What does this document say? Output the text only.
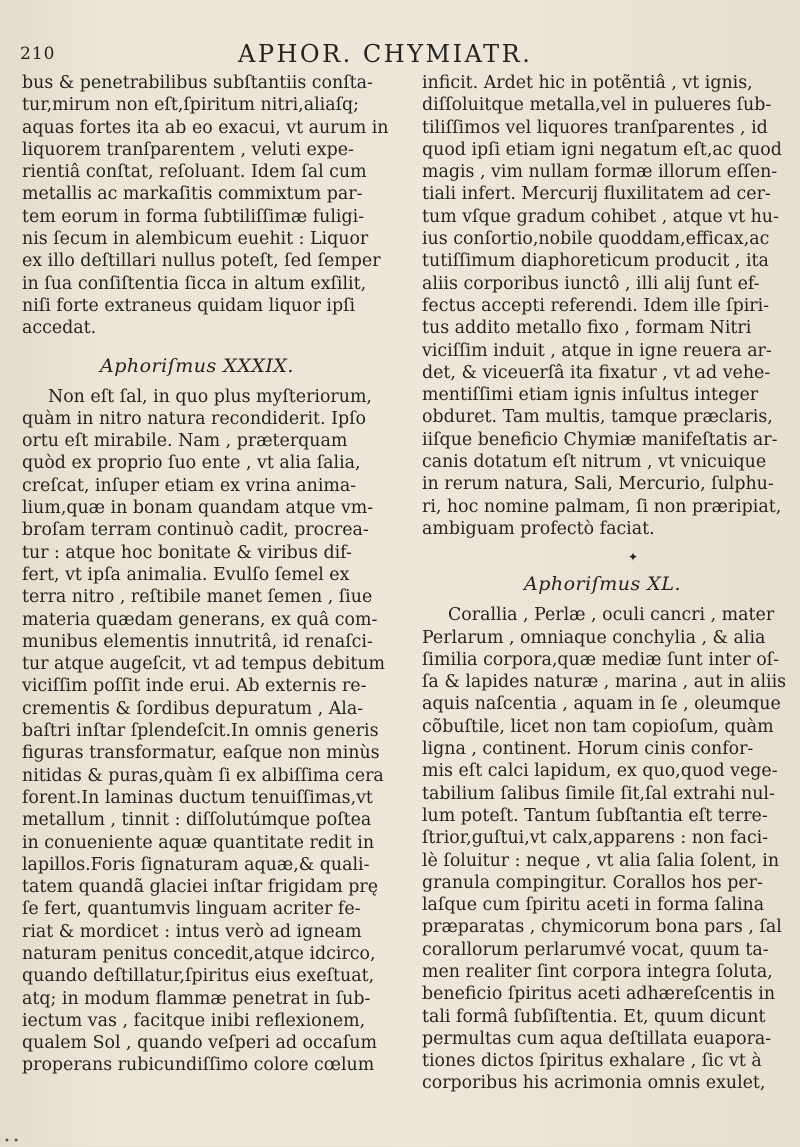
210	APHOR. CHYMIATR.
bus & penetrabilibus subſtantiis conſta-
tur,mirum non eſt,ſpiritum nitri,aliaſq;
aquas fortes ita ab eo exacui, vt aurum in
liquorem tranſparentem , veluti expe-
rientiâ conſtat, reſoluant. Idem ſal cum
metallis ac markaſitis commixtum par-
tem eorum in forma ſubtiliſſimæ fuligi-
nis ſecum in alembicum euehit : Liquor
ex illo deſtillari nullus poteſt, ſed ſemper
in ſua conſiſtentia ſicca in altum exſilit,
niſi forte extraneus quidam liquor ipſi
accedat.
Aphoriſmus XXXIX.
Non eſt ſal, in quo plus myſteriorum,
quàm in nitro natura recondiderit. Ipſo
ortu eſt mirabile. Nam , præterquam
quòd ex proprio ſuo ente , vt alia ſalia,
creſcat, inſuper etiam ex vrina anima-
lium,quæ in bonam quandam atque vm-
broſam terram continuò cadit, procrea-
tur : atque hoc bonitate & viribus dif-
fert, vt ipſa animalia. Evulſo ſemel ex
terra nitro , reſtibile manet ſemen , ſiue
materia quædam generans, ex quâ com-
munibus elementis innutritâ, id renaſci-
tur atque augeſcit, vt ad tempus debitum
viciſſim poſſit inde erui. Ab externis re-
crementis & ſordibus depuratum , Ala-
baſtri inſtar ſplendeſcit.In omnis generis
figuras transformatur, eaſque non minùs
nitidas & puras,quàm ſi ex albiſſima cera
forent.In laminas ductum tenuiſſimas,vt
metallum , tinnit : diſſolutúmque poſtea
in conueniente aquæ quantitate redit in
lapillos.Foris ſignaturam aquæ,& quali-
tatem quandã glaciei inſtar frigidam prę
ſe fert, quantumvis linguam acriter fe-
riat & mordicet : intus verò ad igneam
naturam penitus concedit,atque idcirco,
quando deſtillatur,ſpiritus eius exeſtuat,
atq; in modum flammæ penetrat in ſub-
iectum vas , facitque inibi reflexionem,
qualem Sol , quando veſperi ad occaſum
properans rubicundiſſimo colore cœlum
inficit. Ardet hic in potẽntiâ , vt ignis,
diſſoluitque metalla,vel in pulueres ſub-
tiliſſimos vel liquores tranſparentes , id
quod ipſi etiam igni negatum eſt,ac quod
magis , vim nullam formæ illorum eſſen-
tiali infert. Mercurij fluxilitatem ad cer-
tum vſque gradum cohibet , atque vt hu-
ius conſortio,nobile quoddam,efficax,ac
tutiſſimum diaphoreticum producit , ita
aliis corporibus iunctô , illi alij ſunt ef-
fectus accepti referendi. Idem ille ſpiri-
tus addito metallo fixo , formam Nitri
viciſſim induit , atque in igne reuera ar-
det, & viceuerſâ ita fixatur , vt ad vehe-
mentiſſimi etiam ignis inſultus integer
obduret. Tam multis, tamque præclaris,
iiſque beneficio Chymiæ manifeſtatis ar-
canis dotatum eſt nitrum , vt vnicuique
in rerum natura, Sali, Mercurio, ſulphu-
ri, hoc nomine palmam, ſi non præripiat,
ambiguam profectò faciat.
✦
Aphoriſmus XL.
Corallia , Perlæ , oculi cancri , mater
Perlarum , omniaque conchylia , & alia
ſimilia corpora,quæ mediæ ſunt inter oſ-
ſa & lapides naturæ , marina , aut in aliis
aquis naſcentia , aquam in ſe , oleumque
cõbuſtile, licet non tam copioſum, quàm
ligna , continent. Horum cinis confor-
mis eſt calci lapidum, ex quo,quod vege-
tabilium ſalibus ſimile ſit,ſal extrahi nul-
lum poteſt. Tantum ſubſtantia eſt terre-
ſtrior,guſtui,vt calx,apparens : non faci-
lè ſoluitur : neque , vt alia ſalia ſolent, in
granula compingitur. Corallos hos per-
laſque cum ſpiritu aceti in forma ſalina
præparatas , chymicorum bona pars , ſal
corallorum perlarumvé vocat, quum ta-
men realiter ſint corpora integra ſoluta,
beneficio ſpiritus aceti adhæreſcentis in
tali formâ ſubſiſtentia. Et, quum dicunt
permultas cum aqua deſtillata euapora-
tiones dictos ſpiritus exhalare , ſic vt à
corporibus his acrimonia omnis exulet,
• •
